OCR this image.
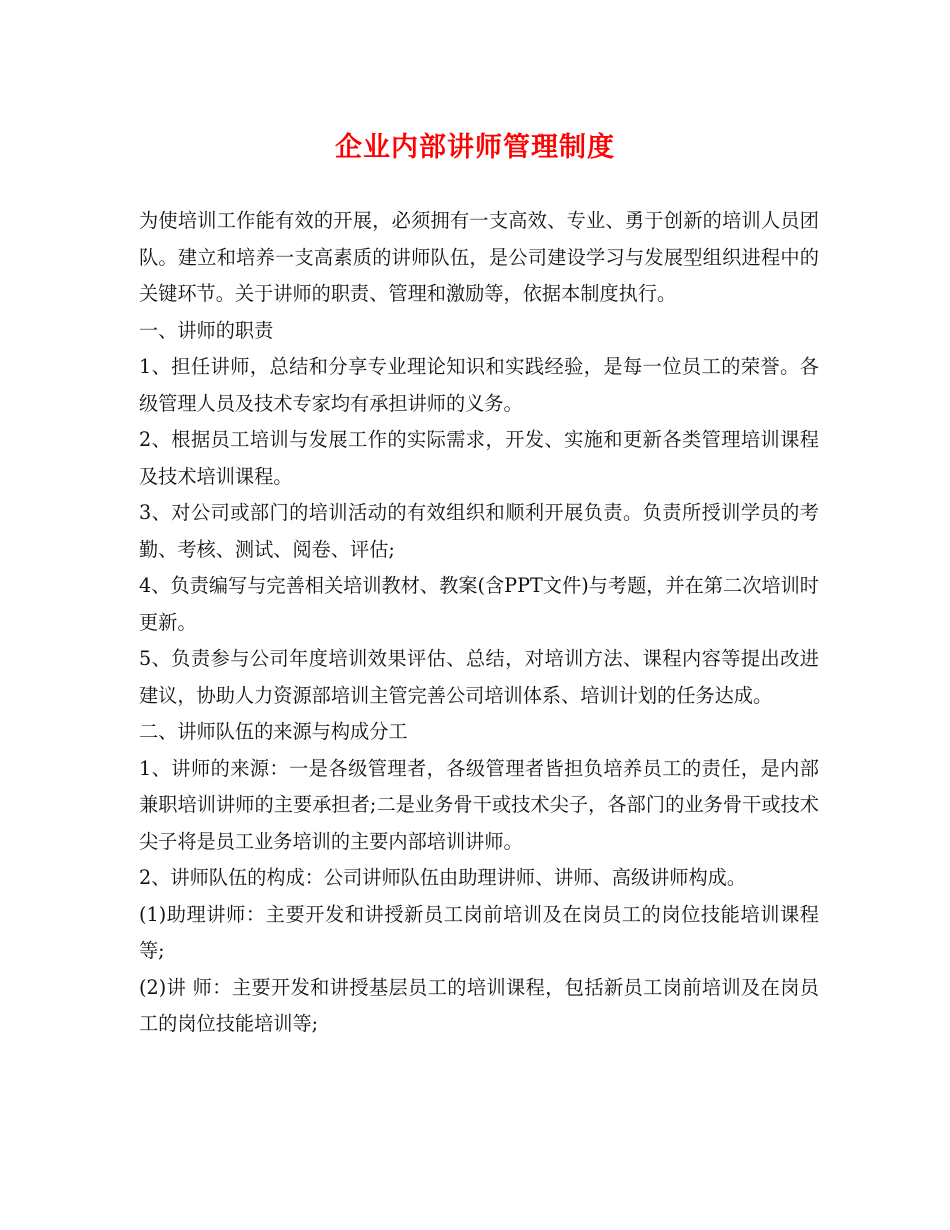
企业内部讲师管理制度

为使培训工作能有效的开展，必须拥有一支高效、专业、勇于创新的培训人员团队。建立和培养一支高素质的讲师队伍，是公司建设学习与发展型组织进程中的关键环节。关于讲师的职责、管理和激励等，依据本制度执行。

一、讲师的职责

1、担任讲师，总结和分享专业理论知识和实践经验，是每一位员工的荣誉。各级管理人员及技术专家均有承担讲师的义务。

2、根据员工培训与发展工作的实际需求，开发、实施和更新各类管理培训课程及技术培训课程。

3、对公司或部门的培训活动的有效组织和顺利开展负责。负责所授训学员的考勤、考核、测试、阅卷、评估;

4、负责编写与完善相关培训教材、教案(含PPT文件)与考题，并在第二次培训时更新。

5、负责参与公司年度培训效果评估、总结，对培训方法、课程内容等提出改进建议，协助人力资源部培训主管完善公司培训体系、培训计划的任务达成。

二、讲师队伍的来源与构成分工

1、讲师的来源：一是各级管理者，各级管理者皆担负培养员工的责任，是内部兼职培训讲师的主要承担者;二是业务骨干或技术尖子，各部门的业务骨干或技术尖子将是员工业务培训的主要内部培训讲师。

2、讲师队伍的构成：公司讲师队伍由助理讲师、讲师、高级讲师构成。

(1)助理讲师：主要开发和讲授新员工岗前培训及在岗员工的岗位技能培训课程等;

(2)讲 师：主要开发和讲授基层员工的培训课程，包括新员工岗前培训及在岗员工的岗位技能培训等;
